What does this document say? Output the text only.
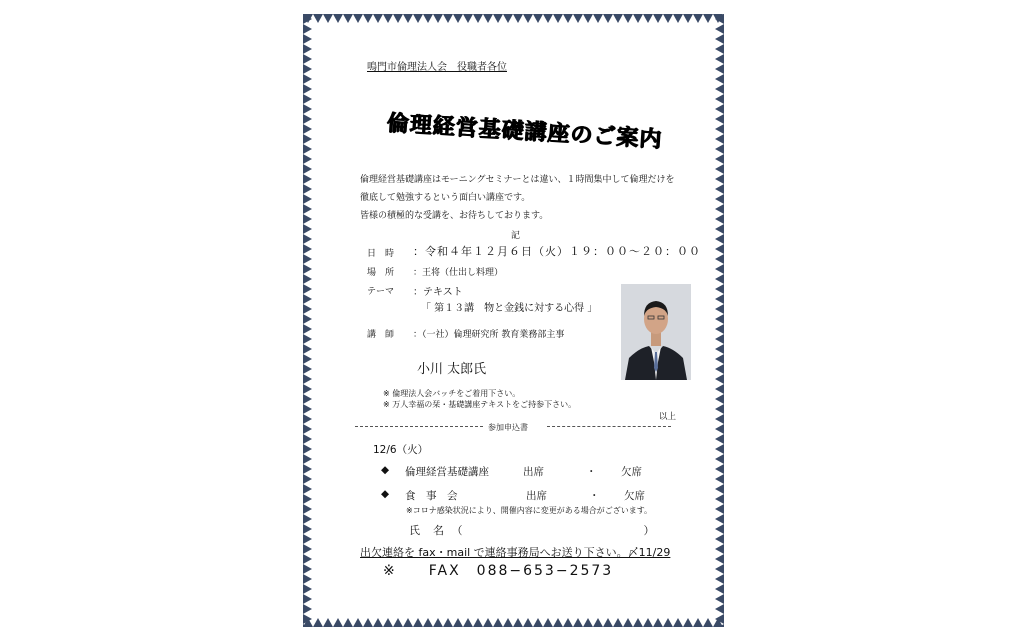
鳴門市倫理法人会　役職者各位
倫理経営基礎講座のご案内
倫理経営基礎講座はモーニングセミナーとは違い、１時間集中して倫理だけを
徹底して勉強するという面白い講座です。
皆様の積極的な受講を、お待ちしております。
記
日　時 ：令和４年１２月６日（火）１９：００〜２０：００
場　所 ：王将（仕出し料理）
テーマ ：テキスト
「 第１３講　物と金銭に対する心得 」
講　師 ：（一社）倫理研究所 教育業務部主事
小川 太郎氏
※ 倫理法人会バッチをご着用下さい。
※ 万人幸福の栞・基礎講座テキストをご持参下さい。
以上
参加申込書
12/6（火）
◆ 倫理経営基礎講座	出席	・ 欠席
◆ 食　事　会	出席	・ 欠席
※コロナ感染状況により、開催内容に変更がある場合がございます。
氏　名　（　　　　　　　　　　　　　　　）
出欠連絡を fax・mail で連絡事務局へお送り下さい。〆11/29
※　　FAX　088−653−2573
